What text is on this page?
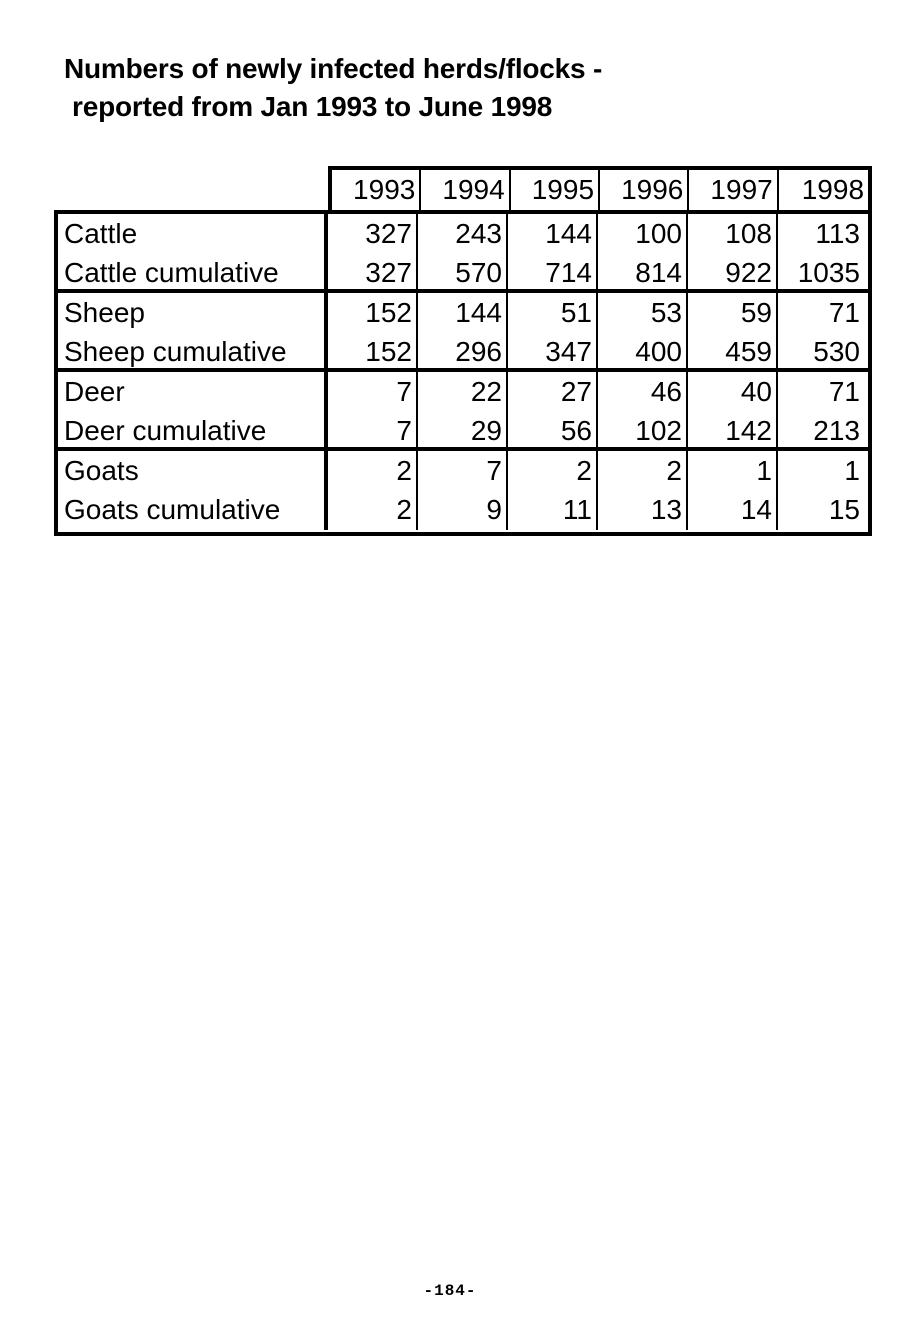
Numbers of newly infected herds/flocks -
reported from Jan 1993 to June 1998
1993 1994 1995 1996 1997	1998
Cattle
Cattle cumulative
327
327
243
570
144
714
100
814
108
922
113
1035
Sheep
Sheep cumulative
152
152
144
296
51
347
53
400
59
459
71
530
Deer
Deer cumulative
7
7
22
29
27
56
46
102
40
142
71
213
Goats
Goats cumulative
2
2
7
9
2
11
2
13
1
14
1
15
-184-
